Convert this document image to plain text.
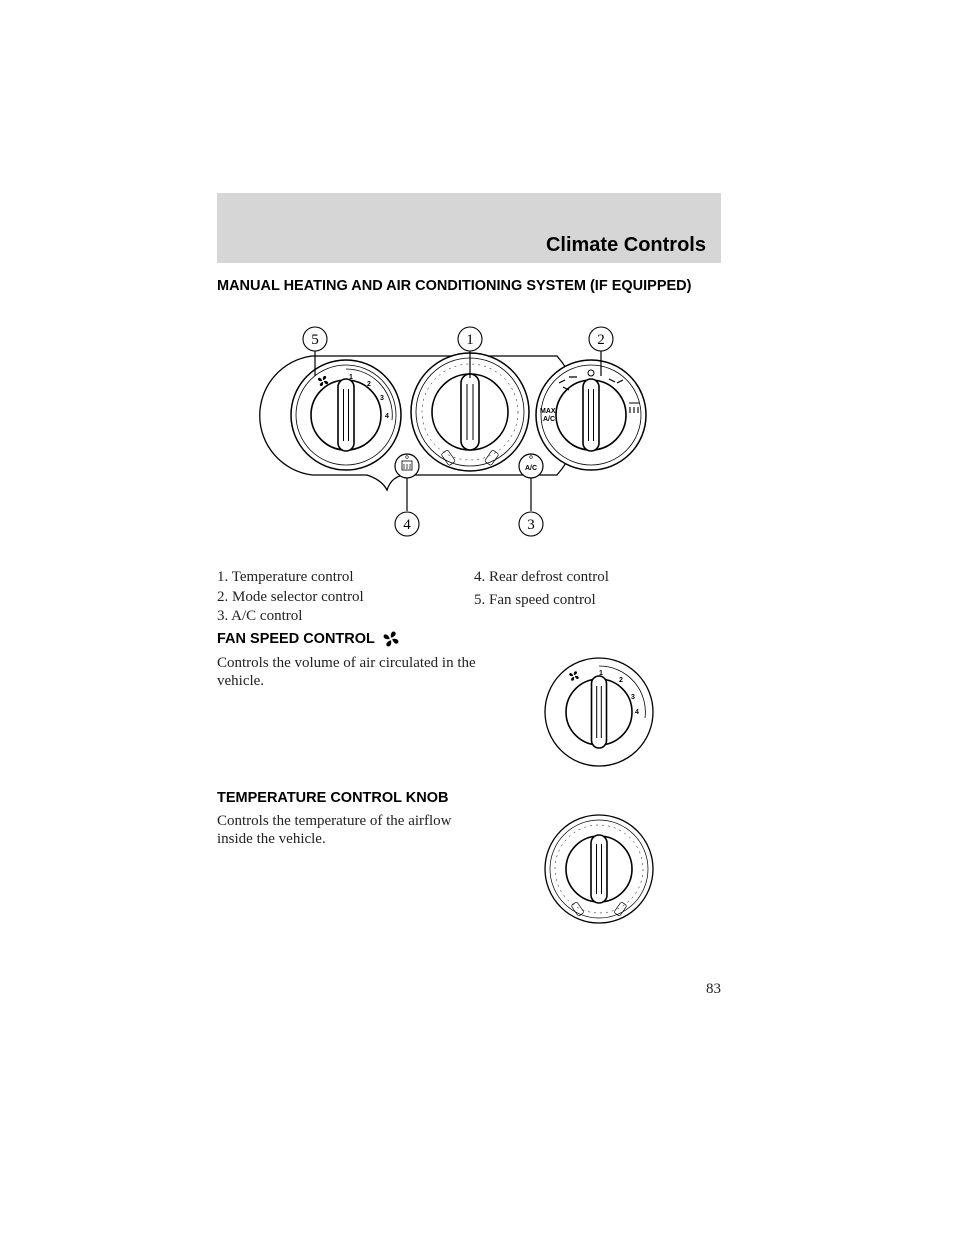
Climate Controls
MANUAL HEATING AND AIR CONDITIONING SYSTEM (IF EQUIPPED)
1
2
3
4
MAX
A/C
A/C
5	1	2
4	3
1. Temperature control
2. Mode selector control
3. A/C control
4. Rear defrost control
5. Fan speed control
FAN SPEED CONTROL
Controls the volume of air circulated in the vehicle.	1
2
3
4
TEMPERATURE CONTROL KNOB
Controls the temperature of the airflow inside the vehicle.
83
